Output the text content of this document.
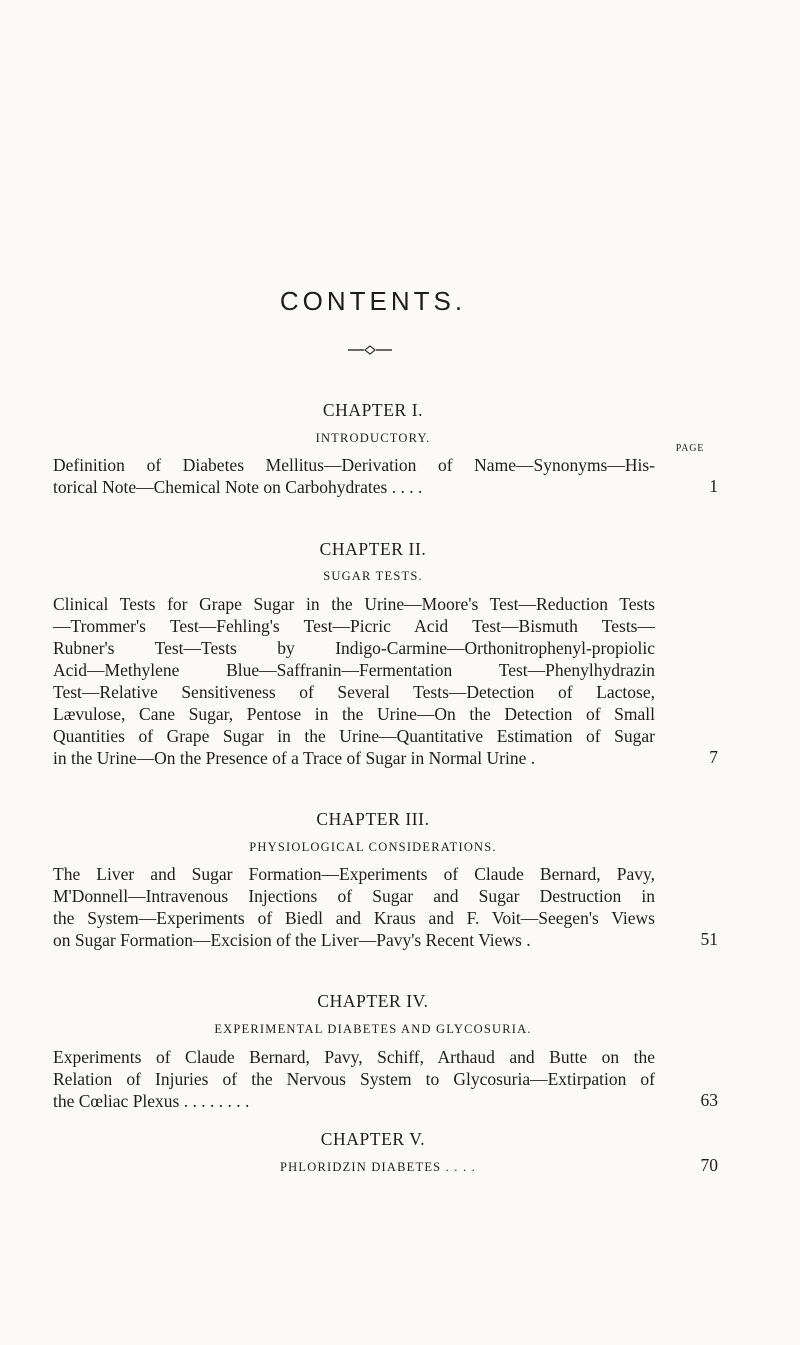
CONTENTS.
CHAPTER I.
INTRODUCTORY.
PAGE
Definition of Diabetes Mellitus—Derivation of Name—Synonyms—His-
torical Note—Chemical Note on Carbohydrates . . . .	1
CHAPTER II.
SUGAR TESTS.
Clinical Tests for Grape Sugar in the Urine—Moore's Test—Reduction Tests
—Trommer's Test—Fehling's Test—Picric Acid Test—Bismuth Tests—
Rubner's Test—Tests by Indigo-Carmine—Orthonitrophenyl-propiolic
Acid—Methylene Blue—Saffranin—Fermentation Test—Phenylhydrazin
Test—Relative Sensitiveness of Several Tests—Detection of Lactose,
Lævulose, Cane Sugar, Pentose in the Urine—On the Detection of Small
Quantities of Grape Sugar in the Urine—Quantitative Estimation of Sugar
in the Urine—On the Presence of a Trace of Sugar in Normal Urine .	7
CHAPTER III.
PHYSIOLOGICAL CONSIDERATIONS.
The Liver and Sugar Formation—Experiments of Claude Bernard, Pavy,
M'Donnell—Intravenous Injections of Sugar and Sugar Destruction in
the System—Experiments of Biedl and Kraus and F. Voit—Seegen's Views
on Sugar Formation—Excision of the Liver—Pavy's Recent Views .	51
CHAPTER IV.
EXPERIMENTAL DIABETES AND GLYCOSURIA.
Experiments of Claude Bernard, Pavy, Schiff, Arthaud and Butte on the
Relation of Injuries of the Nervous System to Glycosuria—Extirpation of
the Cœliac Plexus . . . . . . . .	63
CHAPTER V.
PHLORIDZIN DIABETES . . . .	70
